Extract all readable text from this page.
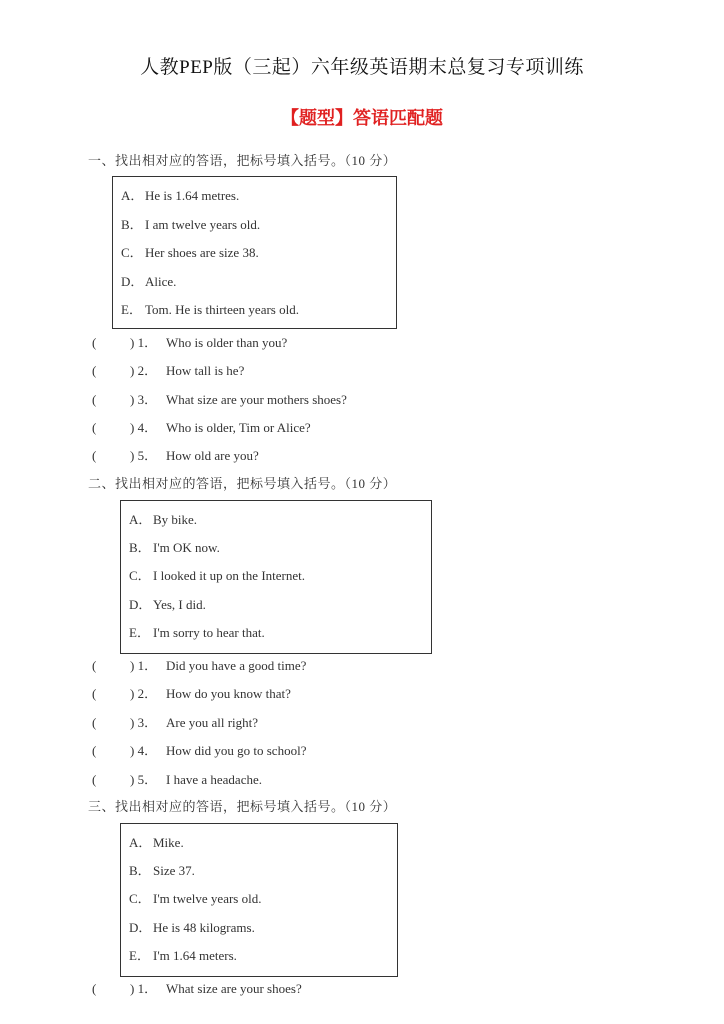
人教PEP版（三起）六年级英语期末总复习专项训练
【题型】答语匹配题
一、找出相对应的答语，把标号填入括号。（10 分）
A． He is 1.64 metres.
B． I am twelve years old.
C． Her shoes are size 38.
D． Alice.
E． Tom. He is thirteen years old.
(	) 1． Who is older than you?
(	) 2． How tall is he?
(	) 3． What size are your mothers shoes?
(	) 4． Who is older, Tim or Alice?
(	) 5． How old are you?
二、找出相对应的答语，把标号填入括号。（10 分）
A． By bike.
B． I'm OK now.
C． I looked it up on the Internet.
D． Yes, I did.
E． I'm sorry to hear that.
(	) 1． Did you have a good time?
(	) 2． How do you know that?
(	) 3． Are you all right?
(	) 4． How did you go to school?
(	) 5． I have a headache.
三、找出相对应的答语，把标号填入括号。（10 分）
A． Mike.
B． Size 37.
C． I'm twelve years old.
D． He is 48 kilograms.
E． I'm 1.64 meters.
(	) 1． What size are your shoes?
